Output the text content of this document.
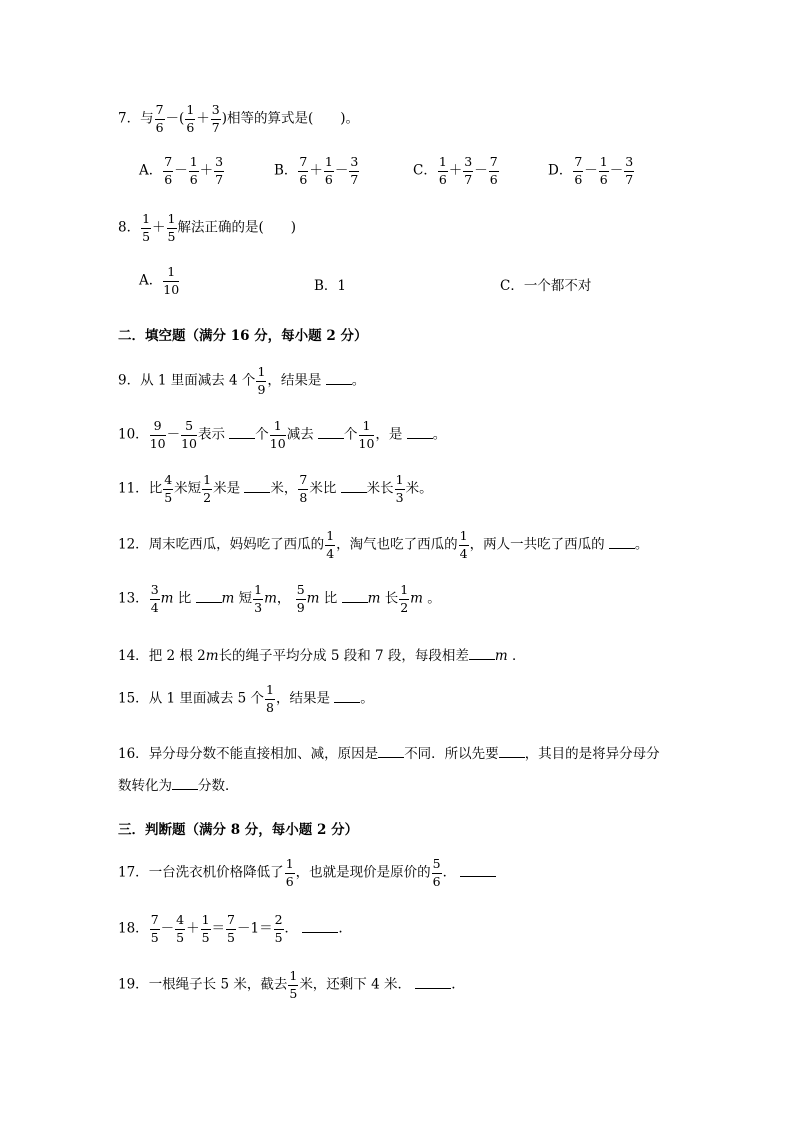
7．与 $\frac{7}{6}$ －( $\frac{1}{6} + \frac{3}{7}$ )相等的算式是(　　)。
A． $\frac{7}{6} - \frac{1}{6} + \frac{3}{7}$	B． $\frac{7}{6} + \frac{1}{6} - \frac{3}{7}$	C． $\frac{1}{6} + \frac{3}{7} - \frac{7}{6}$	D． $\frac{7}{6} - \frac{1}{6} - \frac{3}{7}$
8． $\frac{1}{5} + \frac{1}{5}$ 解法正确的是(　　)
A． $\frac{1}{10}$	B．1	C．一个都不对
二．填空题（满分 16 分，每小题 2 分）
9．从 1 里面减去 4 个 $\frac{1}{9}$ ，结果是 。
10． $\frac{9}{10} - \frac{5}{10}$ 表示 个 $\frac{1}{10}$ 减去 个 $\frac{1}{10}$ ，是 。
11．比 $\frac{4}{5}$ 米短 $\frac{1}{2}$ 米是 米， $\frac{7}{8}$ 米比 米长 $\frac{1}{3}$ 米。
12．周末吃西瓜，妈妈吃了西瓜的 $\frac{1}{4}$ ，淘气也吃了西瓜的 $\frac{1}{4}$ ，两人一共吃了西瓜的 。
13． $\frac{3}{4}$ m 比 m 短 $\frac{1}{3}$ m， $\frac{5}{9}$ m 比 m 长 $\frac{1}{2}$ m 。
14．把 2 根 2m长的绳子平均分成 5 段和 7 段，每段相差 m ．
15．从 1 里面减去 5 个 $\frac{1}{8}$ ，结果是 。
16．异分母分数不能直接相加、减，原因是 不同．所以先要 ，其目的是将异分母分
数转化为 分数．
三．判断题（满分 8 分，每小题 2 分）
17．一台洗衣机价格降低了 $\frac{1}{6}$ ，也就是现价是原价的 $\frac{5}{6}$ ．
18． $\frac{7}{5} - \frac{4}{5} + \frac{1}{5} = \frac{7}{5} -1= \frac{2}{5}$ ．	.
19．一根绳子长 5 米，截去 $\frac{1}{5}$ 米，还剩下 4 米．	.
